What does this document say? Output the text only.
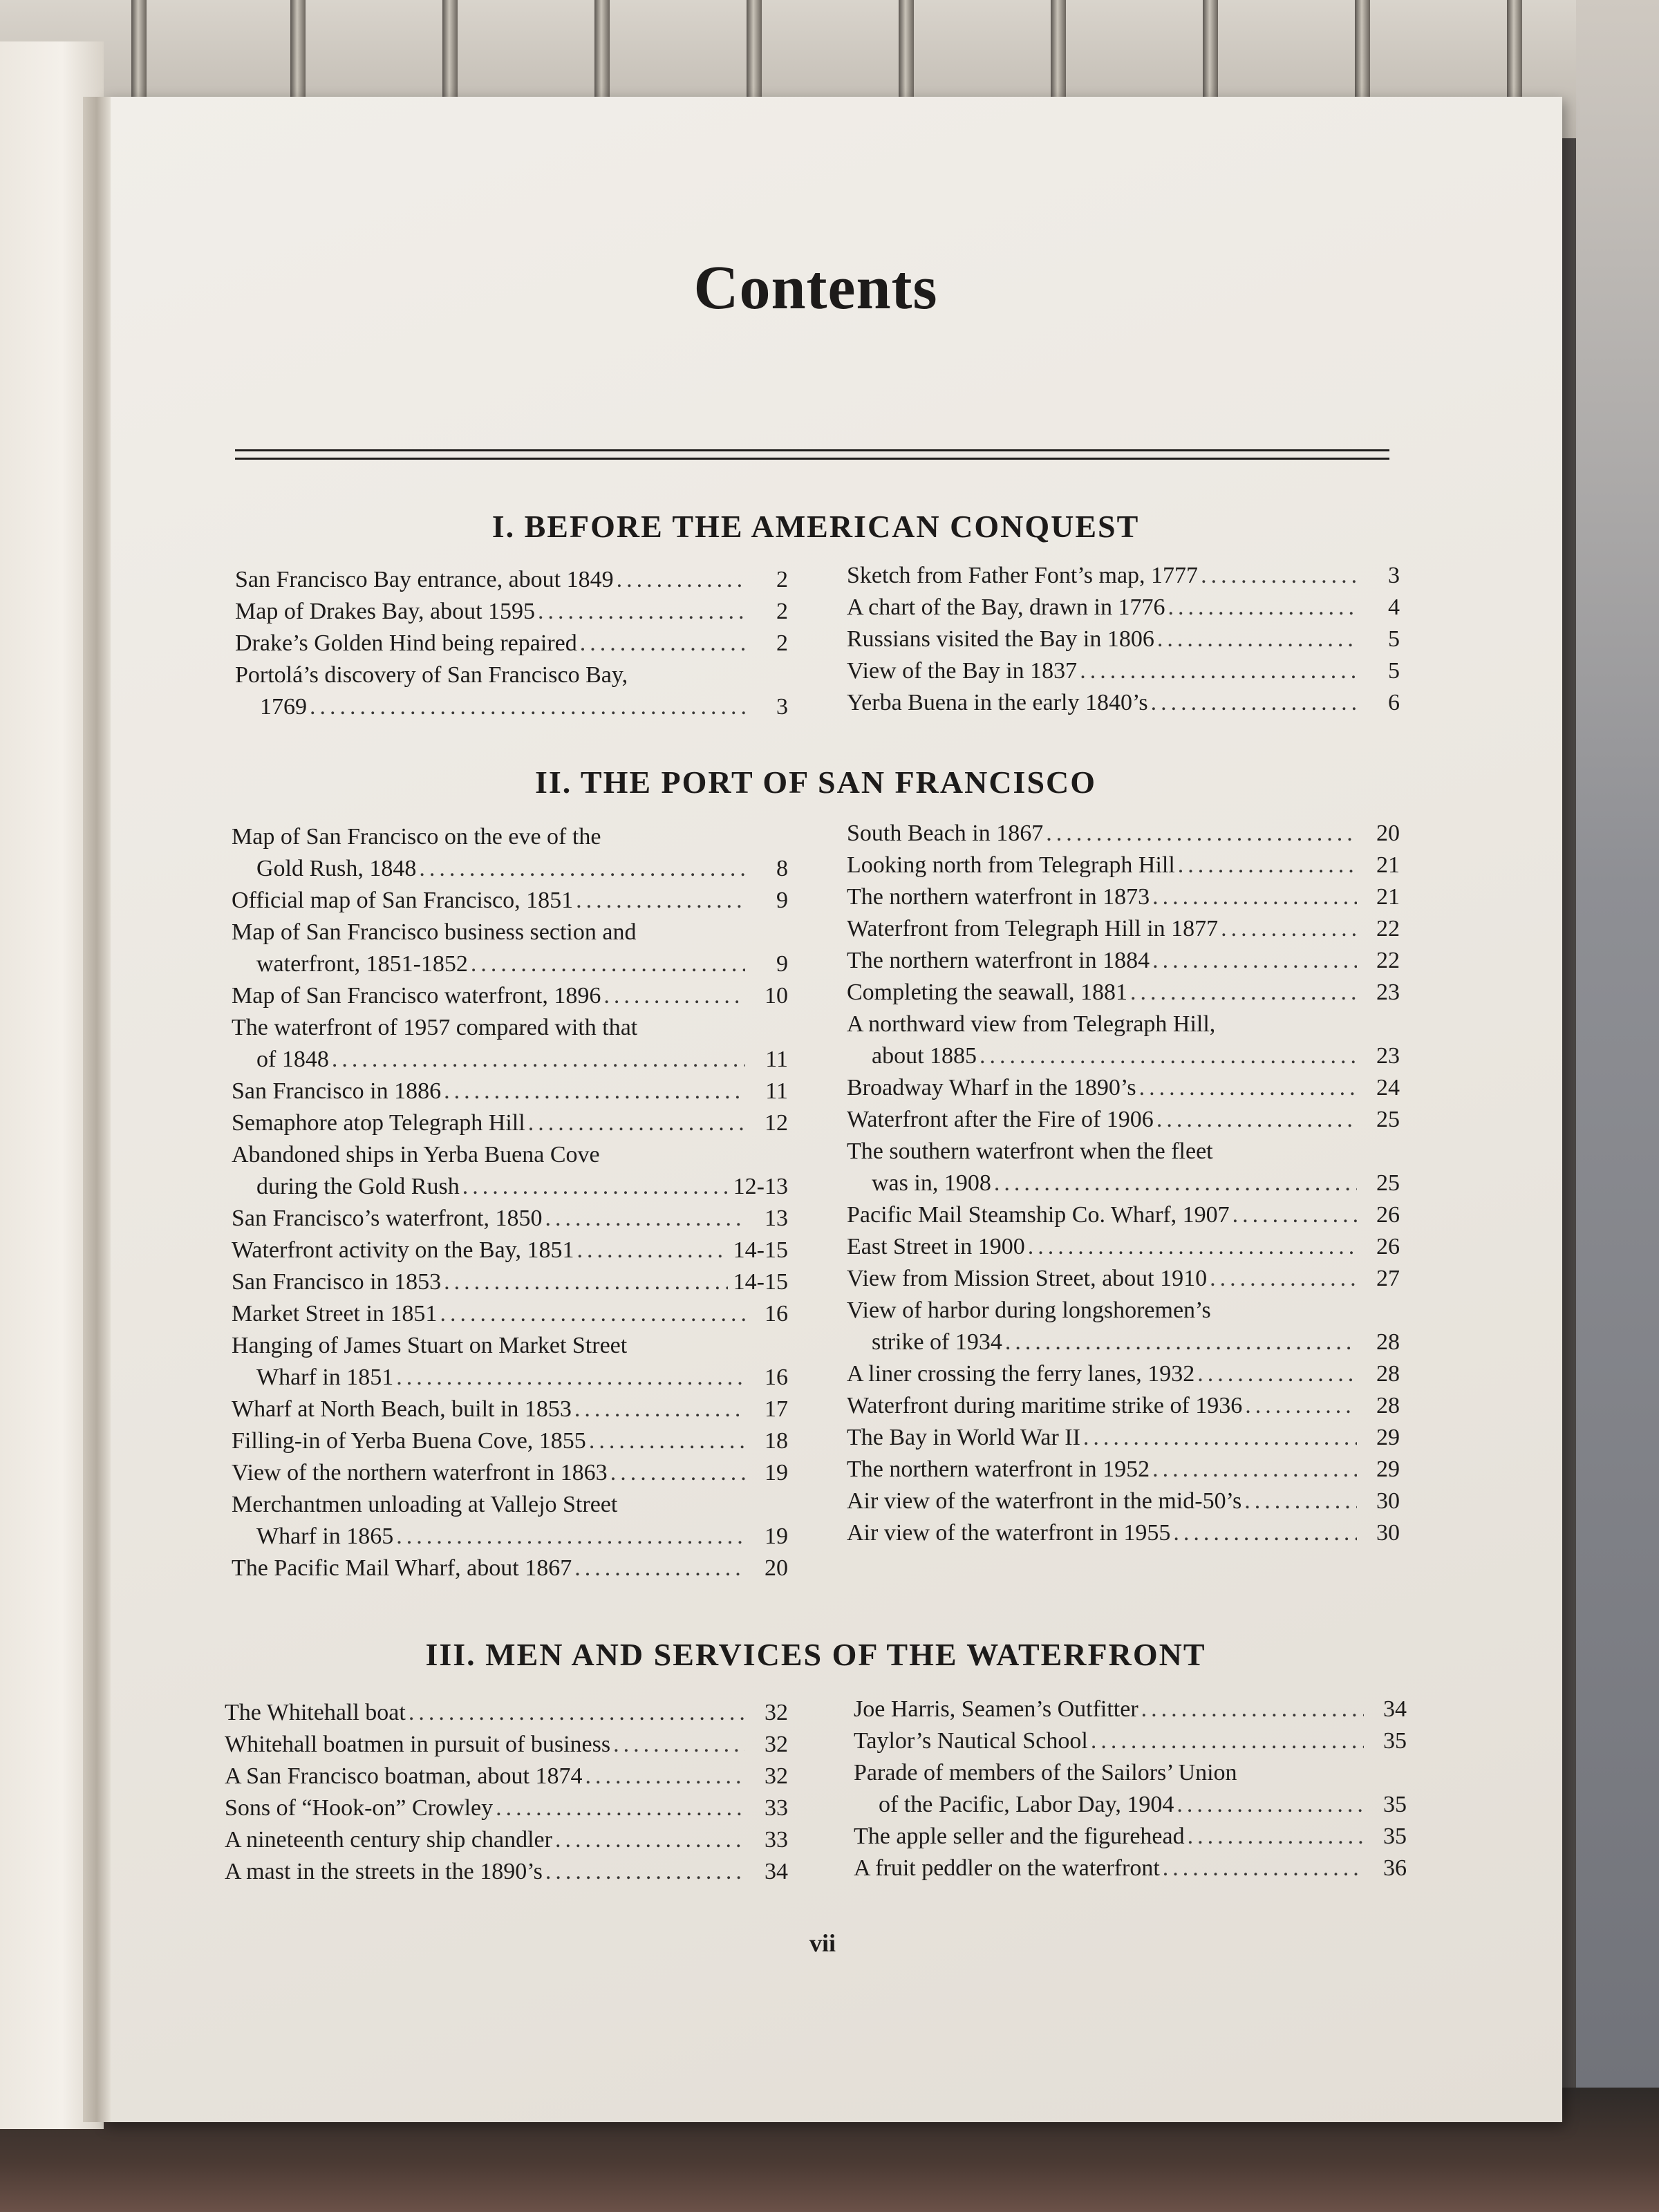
Contents
I. BEFORE THE AMERICAN CONQUEST
San Francisco Bay entrance, about 1849 .....	2
Map of Drakes Bay, about 1595 .....	2
Drake’s Golden Hind being repaired .....	2
Portolá’s discovery of San Francisco Bay,
1769 .....	3
Sketch from Father Font’s map, 1777 .....	3
A chart of the Bay, drawn in 1776 .....	4
Russians visited the Bay in 1806 .....	5
View of the Bay in 1837 .....	5
Yerba Buena in the early 1840’s .....	6
II. THE PORT OF SAN FRANCISCO
Map of San Francisco on the eve of the
Gold Rush, 1848 .....	8
Official map of San Francisco, 1851 .....	9
Map of San Francisco business section and
waterfront, 1851-1852 .....	9
Map of San Francisco waterfront, 1896 .....	10
The waterfront of 1957 compared with that
of 1848 .....	11
San Francisco in 1886 .....	11
Semaphore atop Telegraph Hill .....	12
Abandoned ships in Yerba Buena Cove
during the Gold Rush .....	12-13
San Francisco’s waterfront, 1850 .....	13
Waterfront activity on the Bay, 1851 .....	14-15
San Francisco in 1853 .....	14-15
Market Street in 1851 .....	16
Hanging of James Stuart on Market Street
Wharf in 1851 .....	16
Wharf at North Beach, built in 1853 .....	17
Filling-in of Yerba Buena Cove, 1855 .....	18
View of the northern waterfront in 1863 .....	19
Merchantmen unloading at Vallejo Street
Wharf in 1865 .....	19
The Pacific Mail Wharf, about 1867 .....	20
South Beach in 1867 .....	20
Looking north from Telegraph Hill .....	21
The northern waterfront in 1873 .....	21
Waterfront from Telegraph Hill in 1877 .....	22
The northern waterfront in 1884 .....	22
Completing the seawall, 1881 .....	23
A northward view from Telegraph Hill,
about 1885 .....	23
Broadway Wharf in the 1890’s .....	24
Waterfront after the Fire of 1906 .....	25
The southern waterfront when the fleet
was in, 1908 .....	25
Pacific Mail Steamship Co. Wharf, 1907 .....	26
East Street in 1900 .....	26
View from Mission Street, about 1910 .....	27
View of harbor during longshoremen’s
strike of 1934 .....	28
A liner crossing the ferry lanes, 1932 .....	28
Waterfront during maritime strike of 1936 .....	28
The Bay in World War II .....	29
The northern waterfront in 1952 .....	29
Air view of the waterfront in the mid-50’s .....	30
Air view of the waterfront in 1955 .....	30
III. MEN AND SERVICES OF THE WATERFRONT
The Whitehall boat .....	32
Whitehall boatmen in pursuit of business .....	32
A San Francisco boatman, about 1874 .....	32
Sons of “Hook-on” Crowley .....	33
A nineteenth century ship chandler .....	33
A mast in the streets in the 1890’s .....	34
Joe Harris, Seamen’s Outfitter .....	34
Taylor’s Nautical School .....	35
Parade of members of the Sailors’ Union
of the Pacific, Labor Day, 1904 .....	35
The apple seller and the figurehead .....	35
A fruit peddler on the waterfront .....	36
vii
